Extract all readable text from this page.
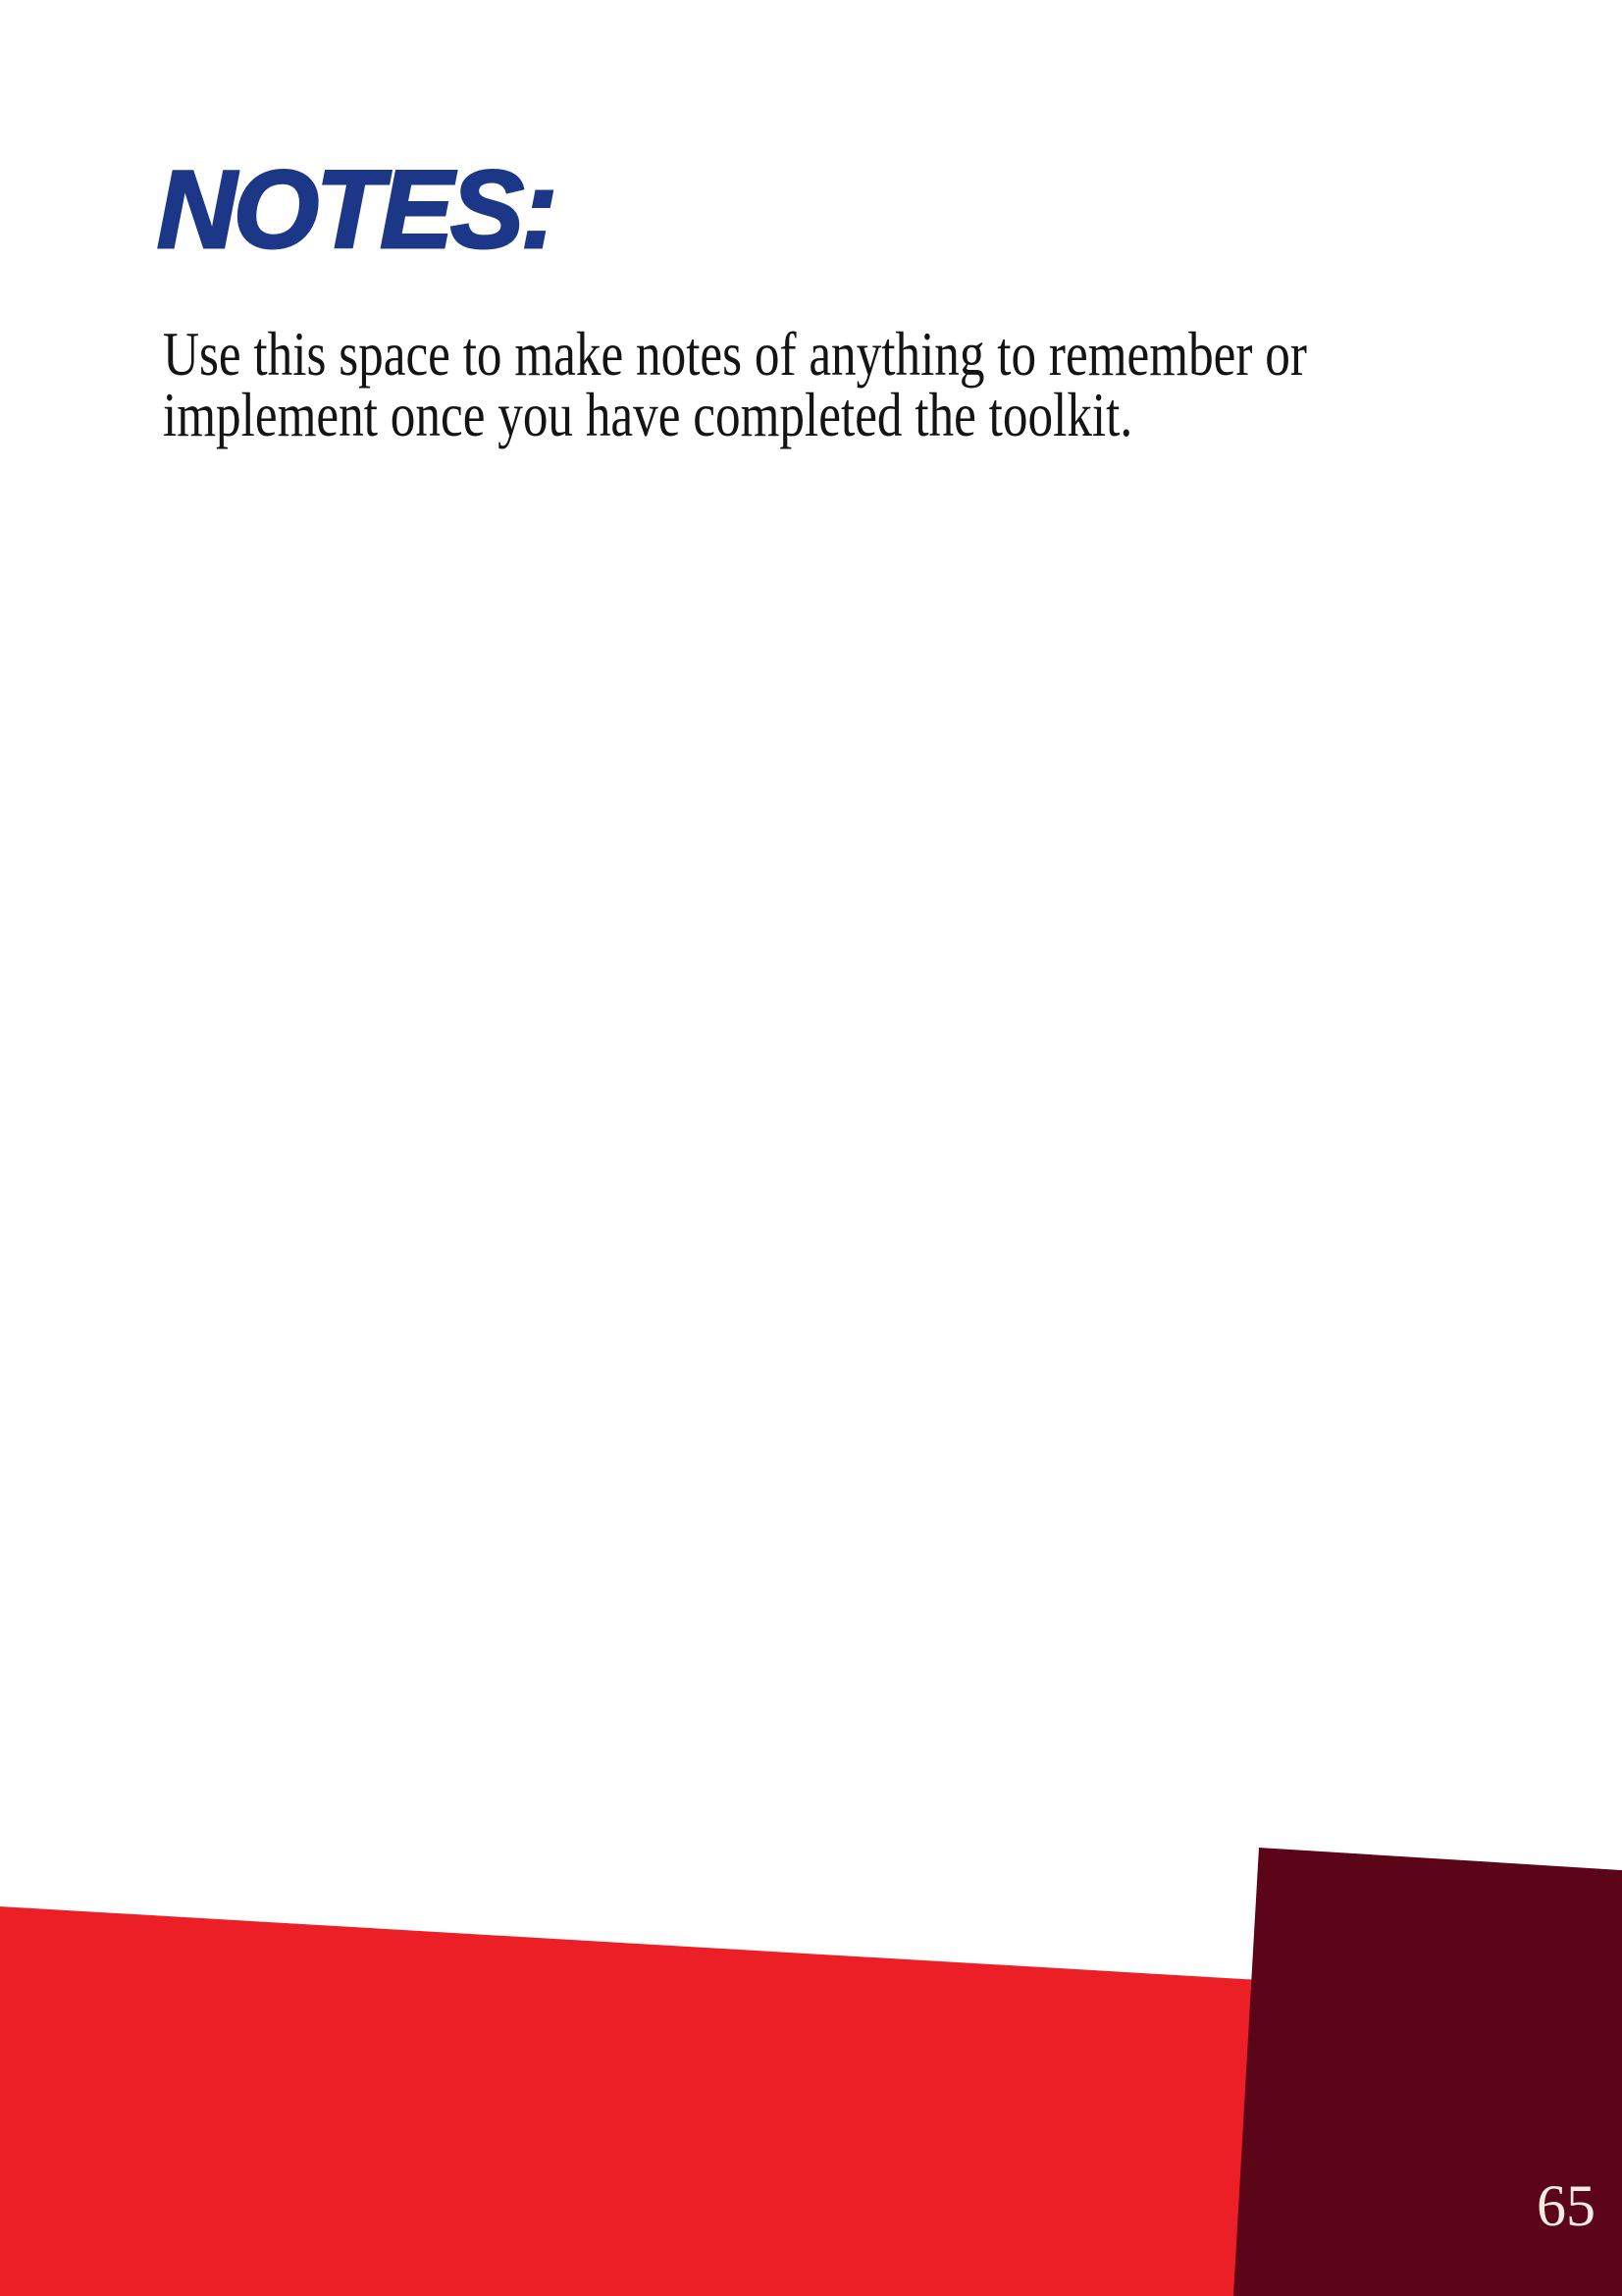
NOTES:
Use this space to make notes of anything to remember or
implement once you have completed the toolkit.
65
